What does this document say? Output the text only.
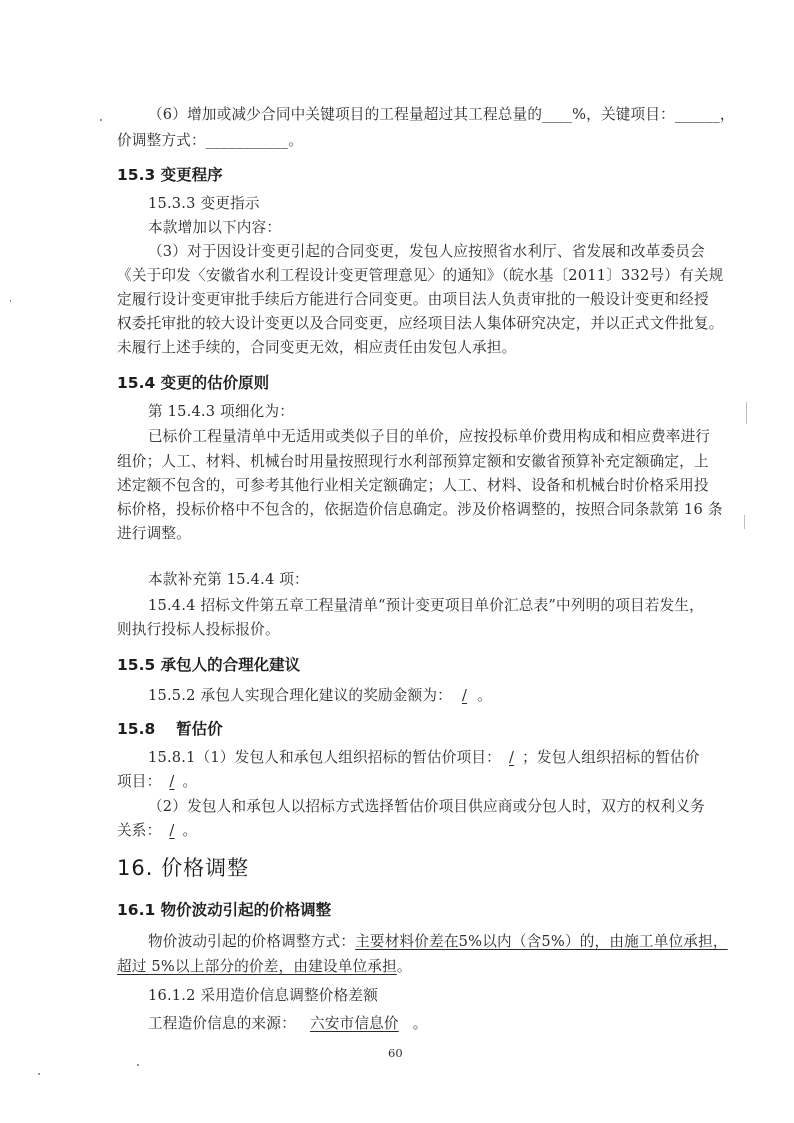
（6）增加或减少合同中关键项目的工程量超过其工程总量的____%，关键项目：______，
价调整方式：___________。
15.3 变更程序
15.3.3 变更指示
本款增加以下内容：
（3）对于因设计变更引起的合同变更，发包人应按照省水利厅、省发展和改革委员会
《关于印发〈安徽省水利工程设计变更管理意见〉的通知》（皖水基〔2011〕332号）有关规
定履行设计变更审批手续后方能进行合同变更。由项目法人负责审批的一般设计变更和经授
权委托审批的较大设计变更以及合同变更，应经项目法人集体研究决定，并以正式文件批复。
未履行上述手续的，合同变更无效，相应责任由发包人承担。
15.4 变更的估价原则
第 15.4.3 项细化为：
已标价工程量清单中无适用或类似子目的单价，应按投标单价费用构成和相应费率进行
组价；人工、材料、机械台时用量按照现行水利部预算定额和安徽省预算补充定额确定，上
述定额不包含的，可参考其他行业相关定额确定；人工、材料、设备和机械台时价格采用投
标价格，投标价格中不包含的，依据造价信息确定。涉及价格调整的，按照合同条款第 16 条
进行调整。
本款补充第 15.4.4 项：
15.4.4 招标文件第五章工程量清单“预计变更项目单价汇总表”中列明的项目若发生，
则执行投标人投标报价。
15.5 承包人的合理化建议
15.5.2 承包人实现合理化建议的奖励金额为： / 。
15.8　 暂估价
15.8.1（1）发包人和承包人组织招标的暂估价项目： / ；发包人组织招标的暂估价
项目： / 。
（2）发包人和承包人以招标方式选择暂估价项目供应商或分包人时，双方的权利义务
关系： / 。
16. 价格调整
16.1 物价波动引起的价格调整
物价波动引起的价格调整方式：主要材料价差在5%以内（含5%）的，由施工单位承担，
超过 5%以上部分的价差，由建设单位承担。
16.1.2 采用造价信息调整价格差额
工程造价信息的来源： 六安市信息价 。
60
